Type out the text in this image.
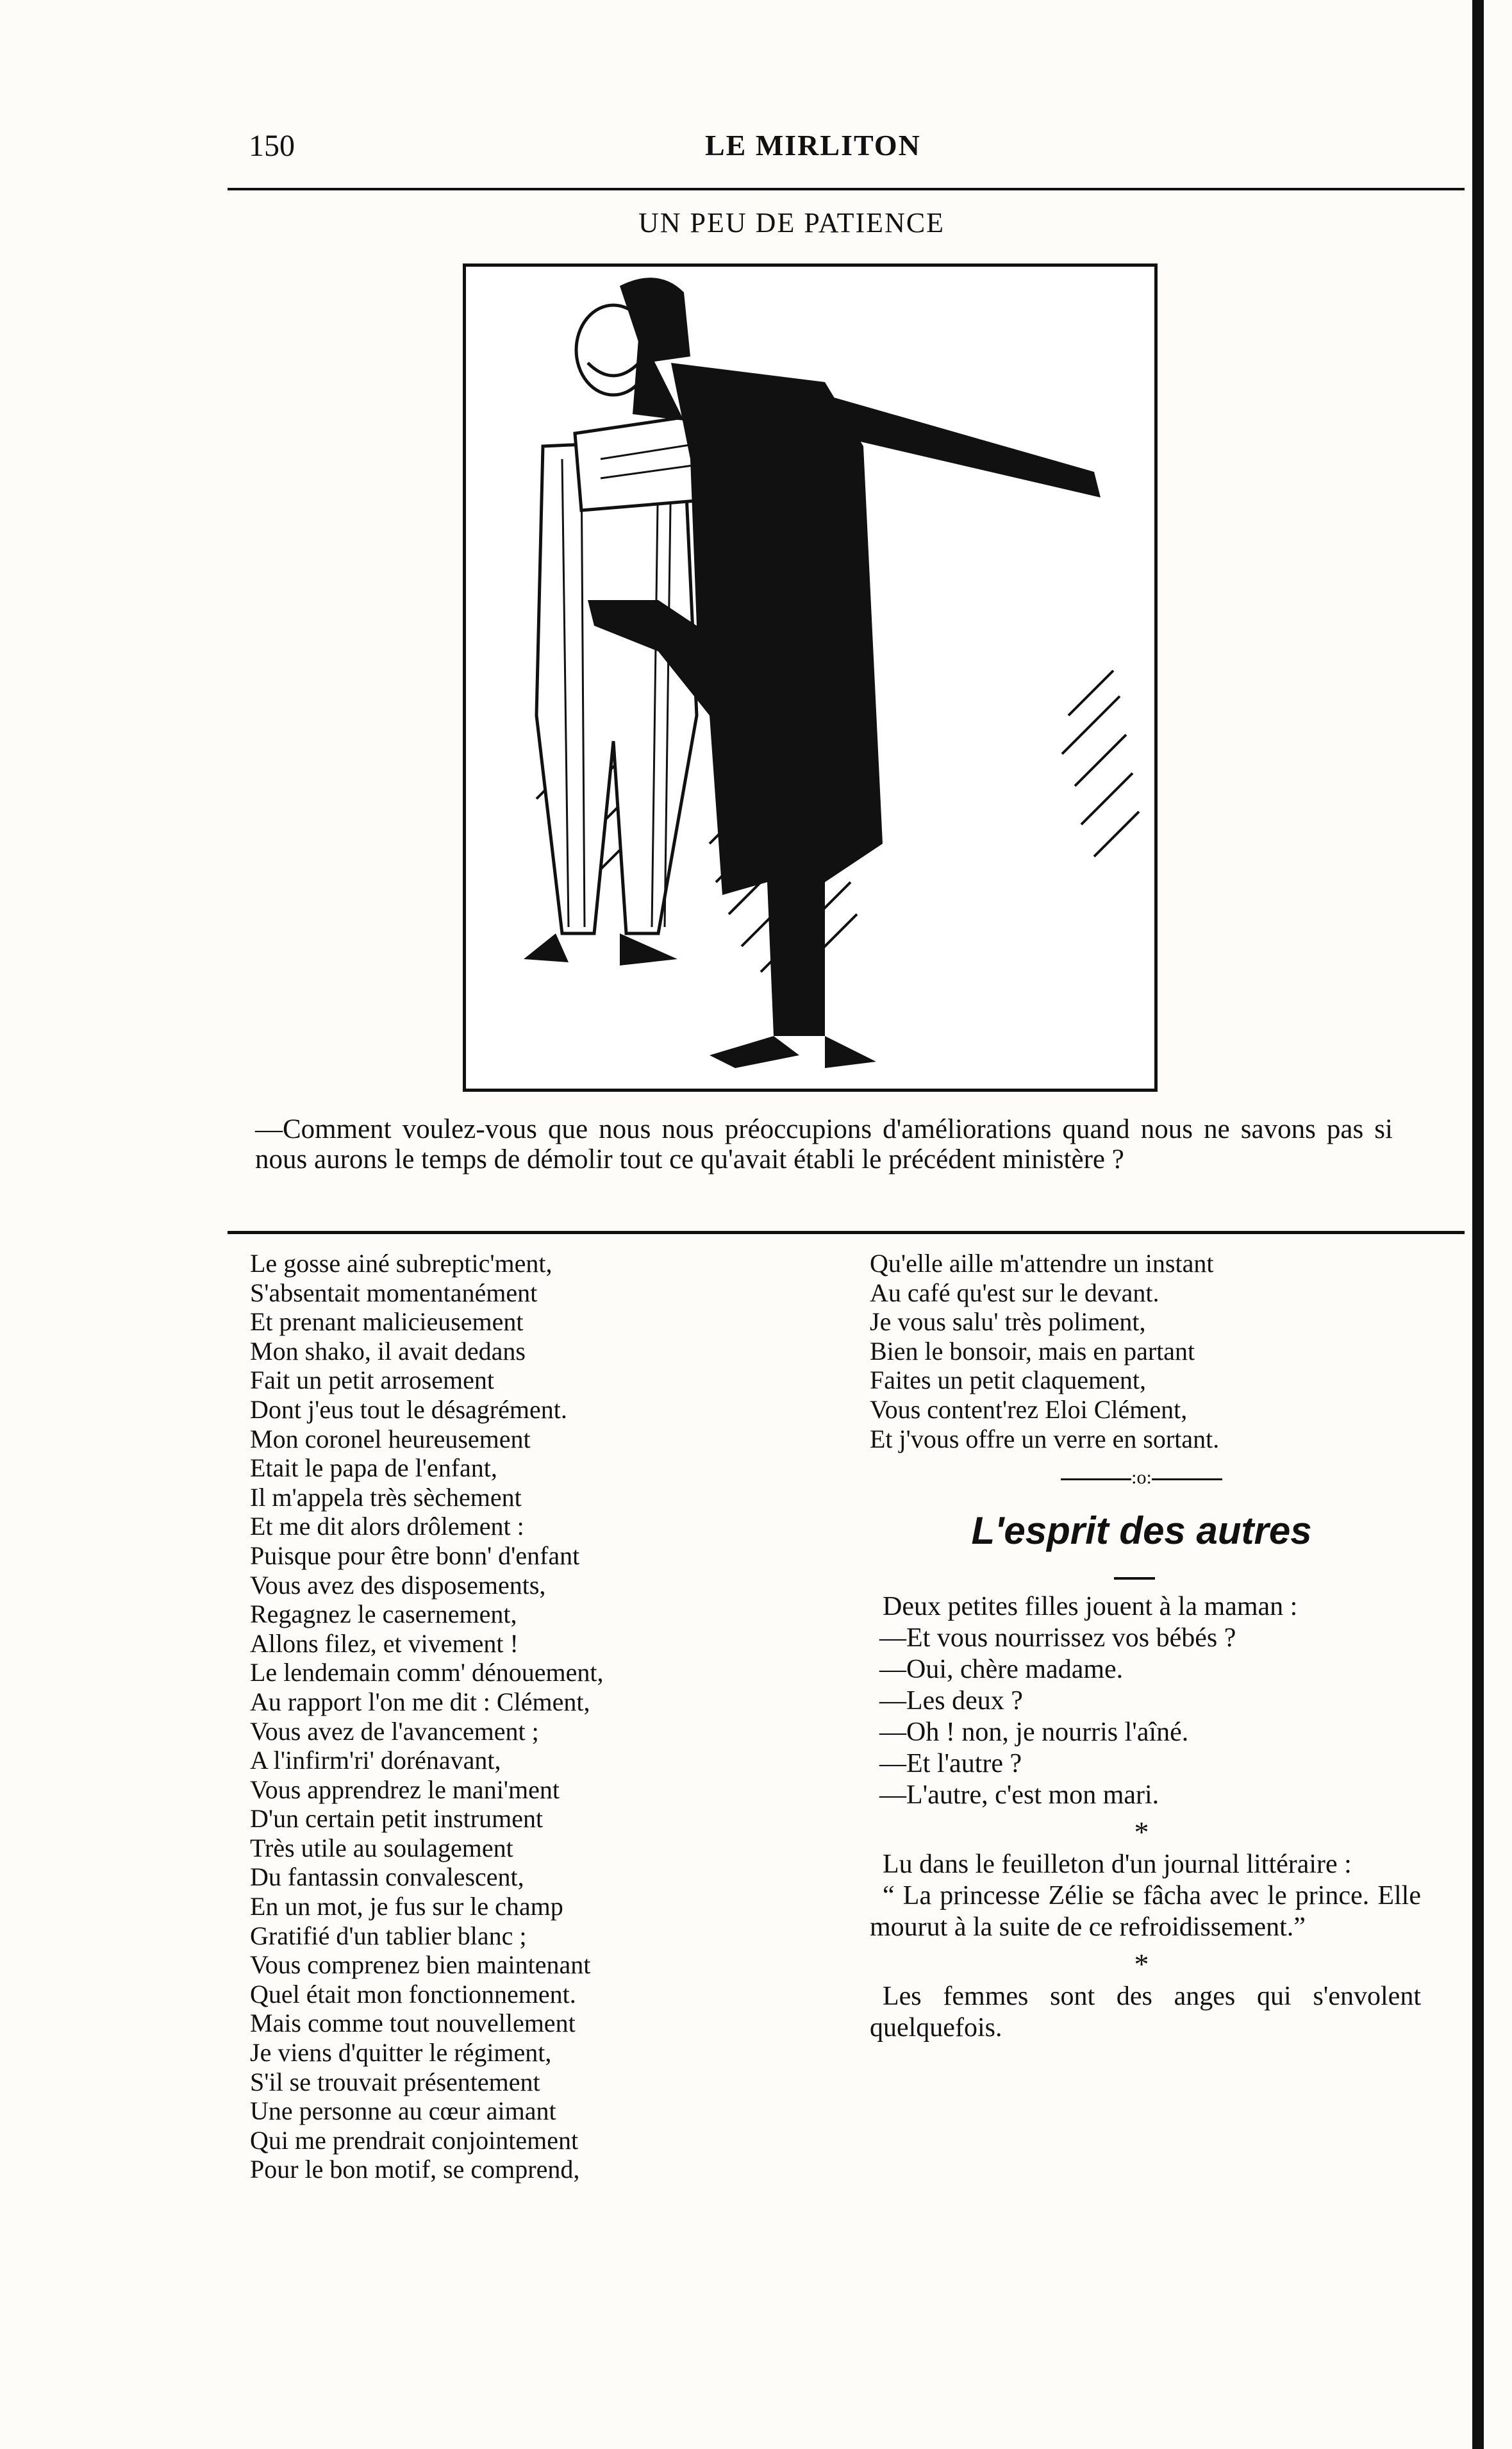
150	LE MIRLITON
UN PEU DE PATIENCE
—Comment voulez-vous que nous nous préoccupions d'améliorations quand nous ne savons pas si nous aurons le temps de démolir tout ce qu'avait établi le précédent ministère ?
Le gosse ainé subreptic'ment,
S'absentait momentanément
Et prenant malicieusement
Mon shako, il avait dedans
Fait un petit arrosement
Dont j'eus tout le désagrément.
Mon coronel heureusement
Etait le papa de l'enfant,
Il m'appela très sèchement
Et me dit alors drôlement :
Puisque pour être bonn' d'enfant
Vous avez des disposements,
Regagnez le casernement,
Allons filez, et vivement !
Le lendemain comm' dénouement,
Au rapport l'on me dit : Clément,
Vous avez de l'avancement ;
A l'infirm'ri' dorénavant,
Vous apprendrez le mani'ment
D'un certain petit instrument
Très utile au soulagement
Du fantassin convalescent,
En un mot, je fus sur le champ
Gratifié d'un tablier blanc ;
Vous comprenez bien maintenant
Quel était mon fonctionnement.
Mais comme tout nouvellement
Je viens d'quitter le régiment,
S'il se trouvait présentement
Une personne au cœur aimant
Qui me prendrait conjointement
Pour le bon motif, se comprend,
Qu'elle aille m'attendre un instant
Au café qu'est sur le devant.
Je vous salu' très poliment,
Bien le bonsoir, mais en partant
Faites un petit claquement,
Vous content'rez Eloi Clément,
Et j'vous offre un verre en sortant.
:o:
L'esprit des autres
Deux petites filles jouent à la maman :
—Et vous nourrissez vos bébés ?
—Oui, chère madame.
—Les deux ?
—Oh ! non, je nourris l'aîné.
—Et l'autre ?
—L'autre, c'est mon mari.
*
Lu dans le feuilleton d'un journal littéraire :
“ La princesse Zélie se fâcha avec le prince. Elle mourut à la suite de ce refroidissement.”
*
Les femmes sont des anges qui s'envolent quelquefois.
